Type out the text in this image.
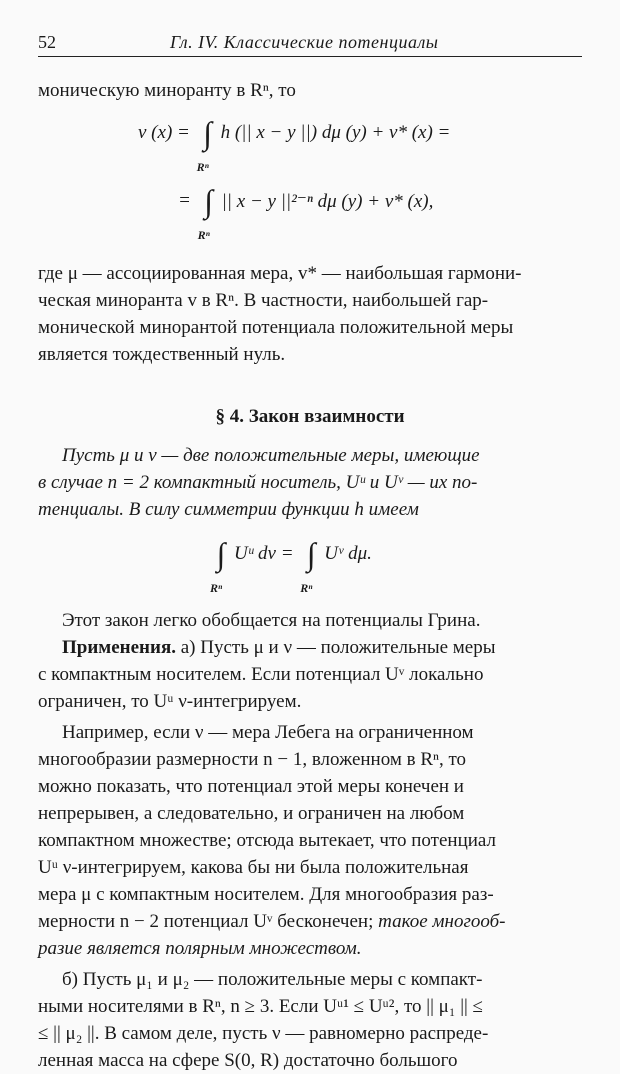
52	Гл. IV. Классические потенциалы

моническую миноранту в Rⁿ, то

v (x) =
∫
Rⁿ
h (|| x − y ||) dμ (y) + v* (x) =
=
∫
Rⁿ
|| x − y ||²⁻ⁿ dμ (y) + v* (x),

где μ — ассоциированная мера, v* — наибольшая гармони-

ческая миноранта v в Rⁿ. В частности, наибольшей гар-

монической минорантой потенциала положительной меры

является тождественный нуль.

§ 4. Закон взаимности

Пусть μ и ν — две положительные меры, имеющие

в случае n = 2 компактный носитель, Uᵘ и Uᵛ — их по-

тенциалы. В силу симметрии функции h имеем

∫
Rⁿ
Uᵘ dν =
∫
Rⁿ
Uᵛ dμ.

Этот закон легко обобщается на потенциалы Грина.

Применения. а) Пусть μ и ν — положительные меры

с компактным носителем. Если потенциал Uᵛ локально

ограничен, то Uᵘ ν-интегрируем.

Например, если ν — мера Лебега на ограниченном

многообразии размерности n − 1, вложенном в Rⁿ, то

можно показать, что потенциал этой меры конечен и

непрерывен, а следовательно, и ограничен на любом

компактном множестве; отсюда вытекает, что потенциал

Uᵘ ν-интегрируем, какова бы ни была положительная

мера μ с компактным носителем. Для многообразия раз-

мерности n − 2 потенциал Uᵛ бесконечен; такое многооб-

разие является полярным множеством.

б) Пусть μ₁ и μ₂ — положительные меры с компакт-

ными носителями в Rⁿ, n ≥ 3. Если Uᵘ¹ ≤ Uᵘ², то || μ₁ || ≤

≤ || μ₂ ||. В самом деле, пусть ν — равномерно распреде-

ленная масса на сфере S(0, R) достаточно большого
